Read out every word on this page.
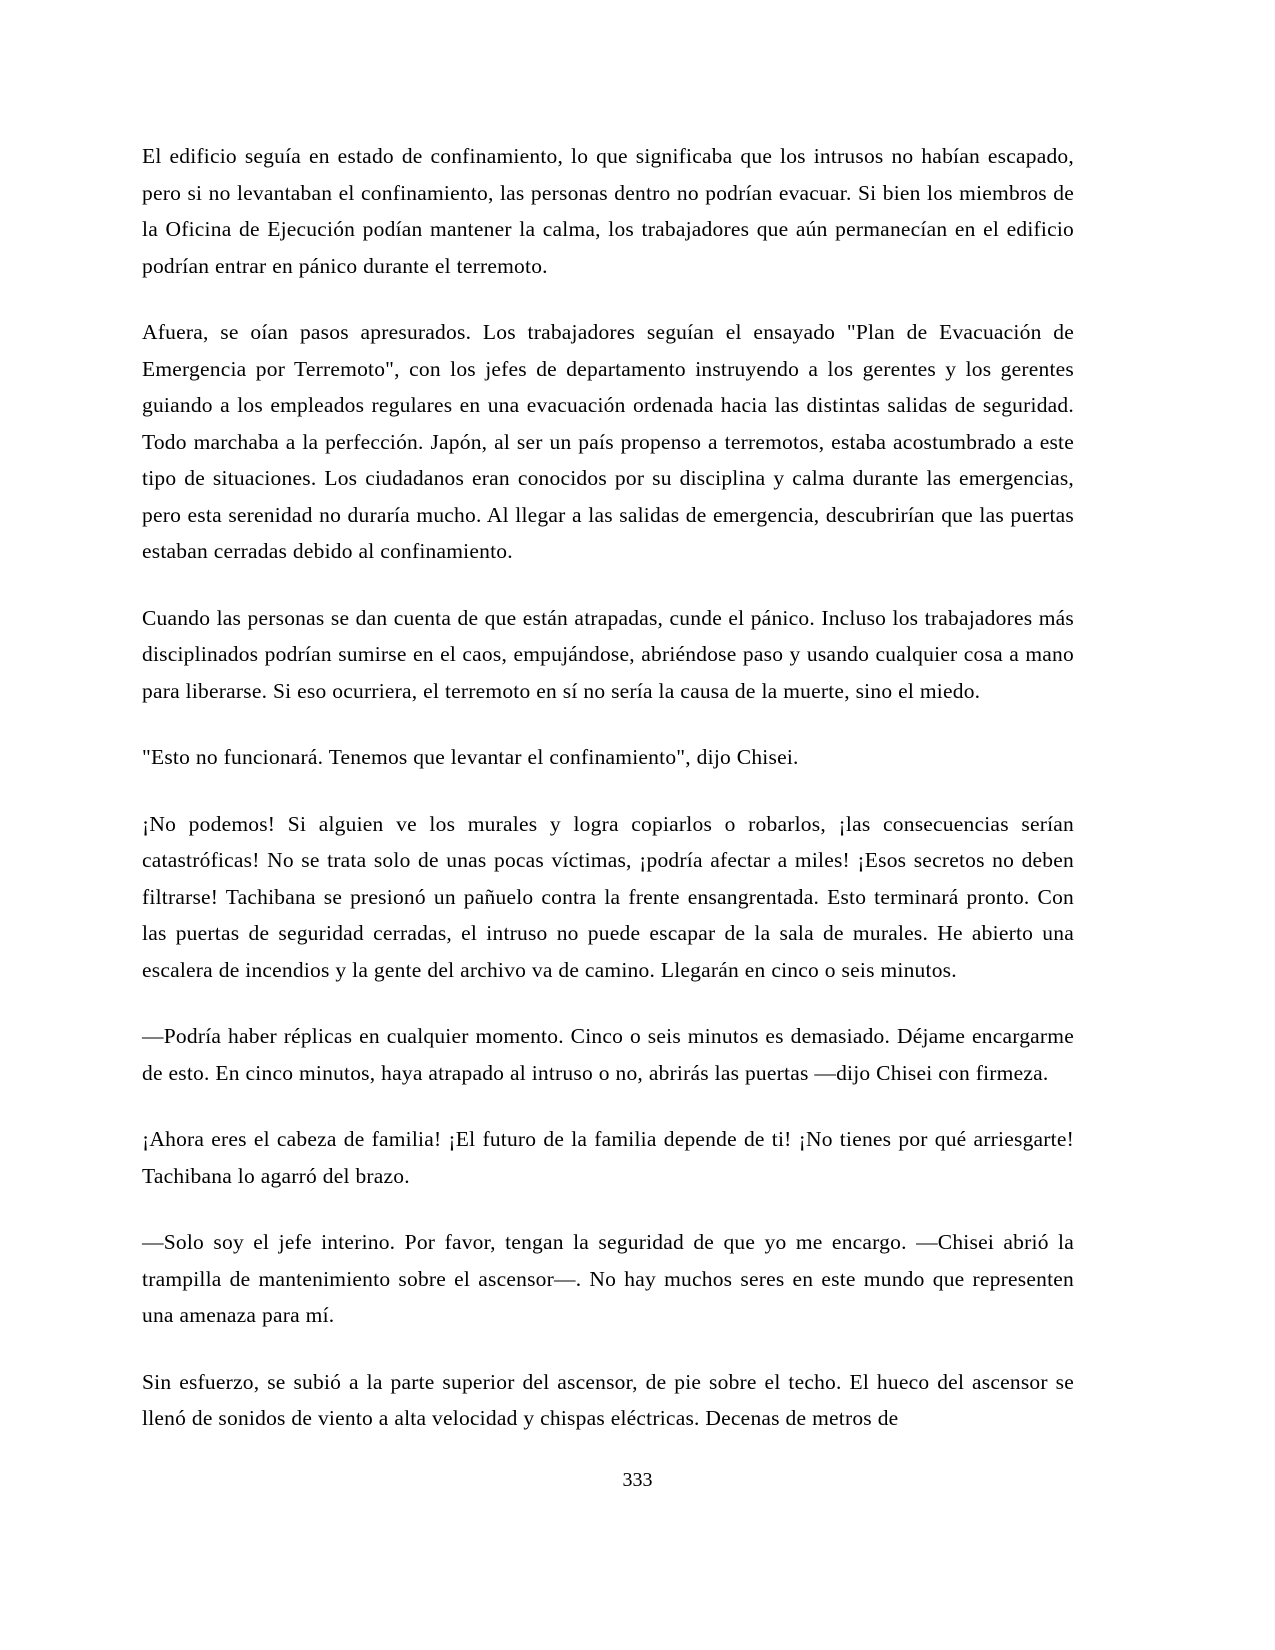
El edificio seguía en estado de confinamiento, lo que significaba que los intrusos no habían escapado, pero si no levantaban el confinamiento, las personas dentro no podrían evacuar. Si bien los miembros de la Oficina de Ejecución podían mantener la calma, los trabajadores que aún permanecían en el edificio podrían entrar en pánico durante el terremoto.

Afuera, se oían pasos apresurados. Los trabajadores seguían el ensayado "Plan de Evacuación de Emergencia por Terremoto", con los jefes de departamento instruyendo a los gerentes y los gerentes guiando a los empleados regulares en una evacuación ordenada hacia las distintas salidas de seguridad. Todo marchaba a la perfección. Japón, al ser un país propenso a terremotos, estaba acostumbrado a este tipo de situaciones. Los ciudadanos eran conocidos por su disciplina y calma durante las emergencias, pero esta serenidad no duraría mucho. Al llegar a las salidas de emergencia, descubrirían que las puertas estaban cerradas debido al confinamiento.

Cuando las personas se dan cuenta de que están atrapadas, cunde el pánico. Incluso los trabajadores más disciplinados podrían sumirse en el caos, empujándose, abriéndose paso y usando cualquier cosa a mano para liberarse. Si eso ocurriera, el terremoto en sí no sería la causa de la muerte, sino el miedo.

"Esto no funcionará. Tenemos que levantar el confinamiento", dijo Chisei.

¡No podemos! Si alguien ve los murales y logra copiarlos o robarlos, ¡las consecuencias serían catastróficas! No se trata solo de unas pocas víctimas, ¡podría afectar a miles! ¡Esos secretos no deben filtrarse! Tachibana se presionó un pañuelo contra la frente ensangrentada. Esto terminará pronto. Con las puertas de seguridad cerradas, el intruso no puede escapar de la sala de murales. He abierto una escalera de incendios y la gente del archivo va de camino. Llegarán en cinco o seis minutos.

—Podría haber réplicas en cualquier momento. Cinco o seis minutos es demasiado. Déjame encargarme de esto. En cinco minutos, haya atrapado al intruso o no, abrirás las puertas —dijo Chisei con firmeza.

¡Ahora eres el cabeza de familia! ¡El futuro de la familia depende de ti! ¡No tienes por qué arriesgarte! Tachibana lo agarró del brazo.

—Solo soy el jefe interino. Por favor, tengan la seguridad de que yo me encargo. —Chisei abrió la trampilla de mantenimiento sobre el ascensor—. No hay muchos seres en este mundo que representen una amenaza para mí.

Sin esfuerzo, se subió a la parte superior del ascensor, de pie sobre el techo. El hueco del ascensor se llenó de sonidos de viento a alta velocidad y chispas eléctricas. Decenas de metros de

333
